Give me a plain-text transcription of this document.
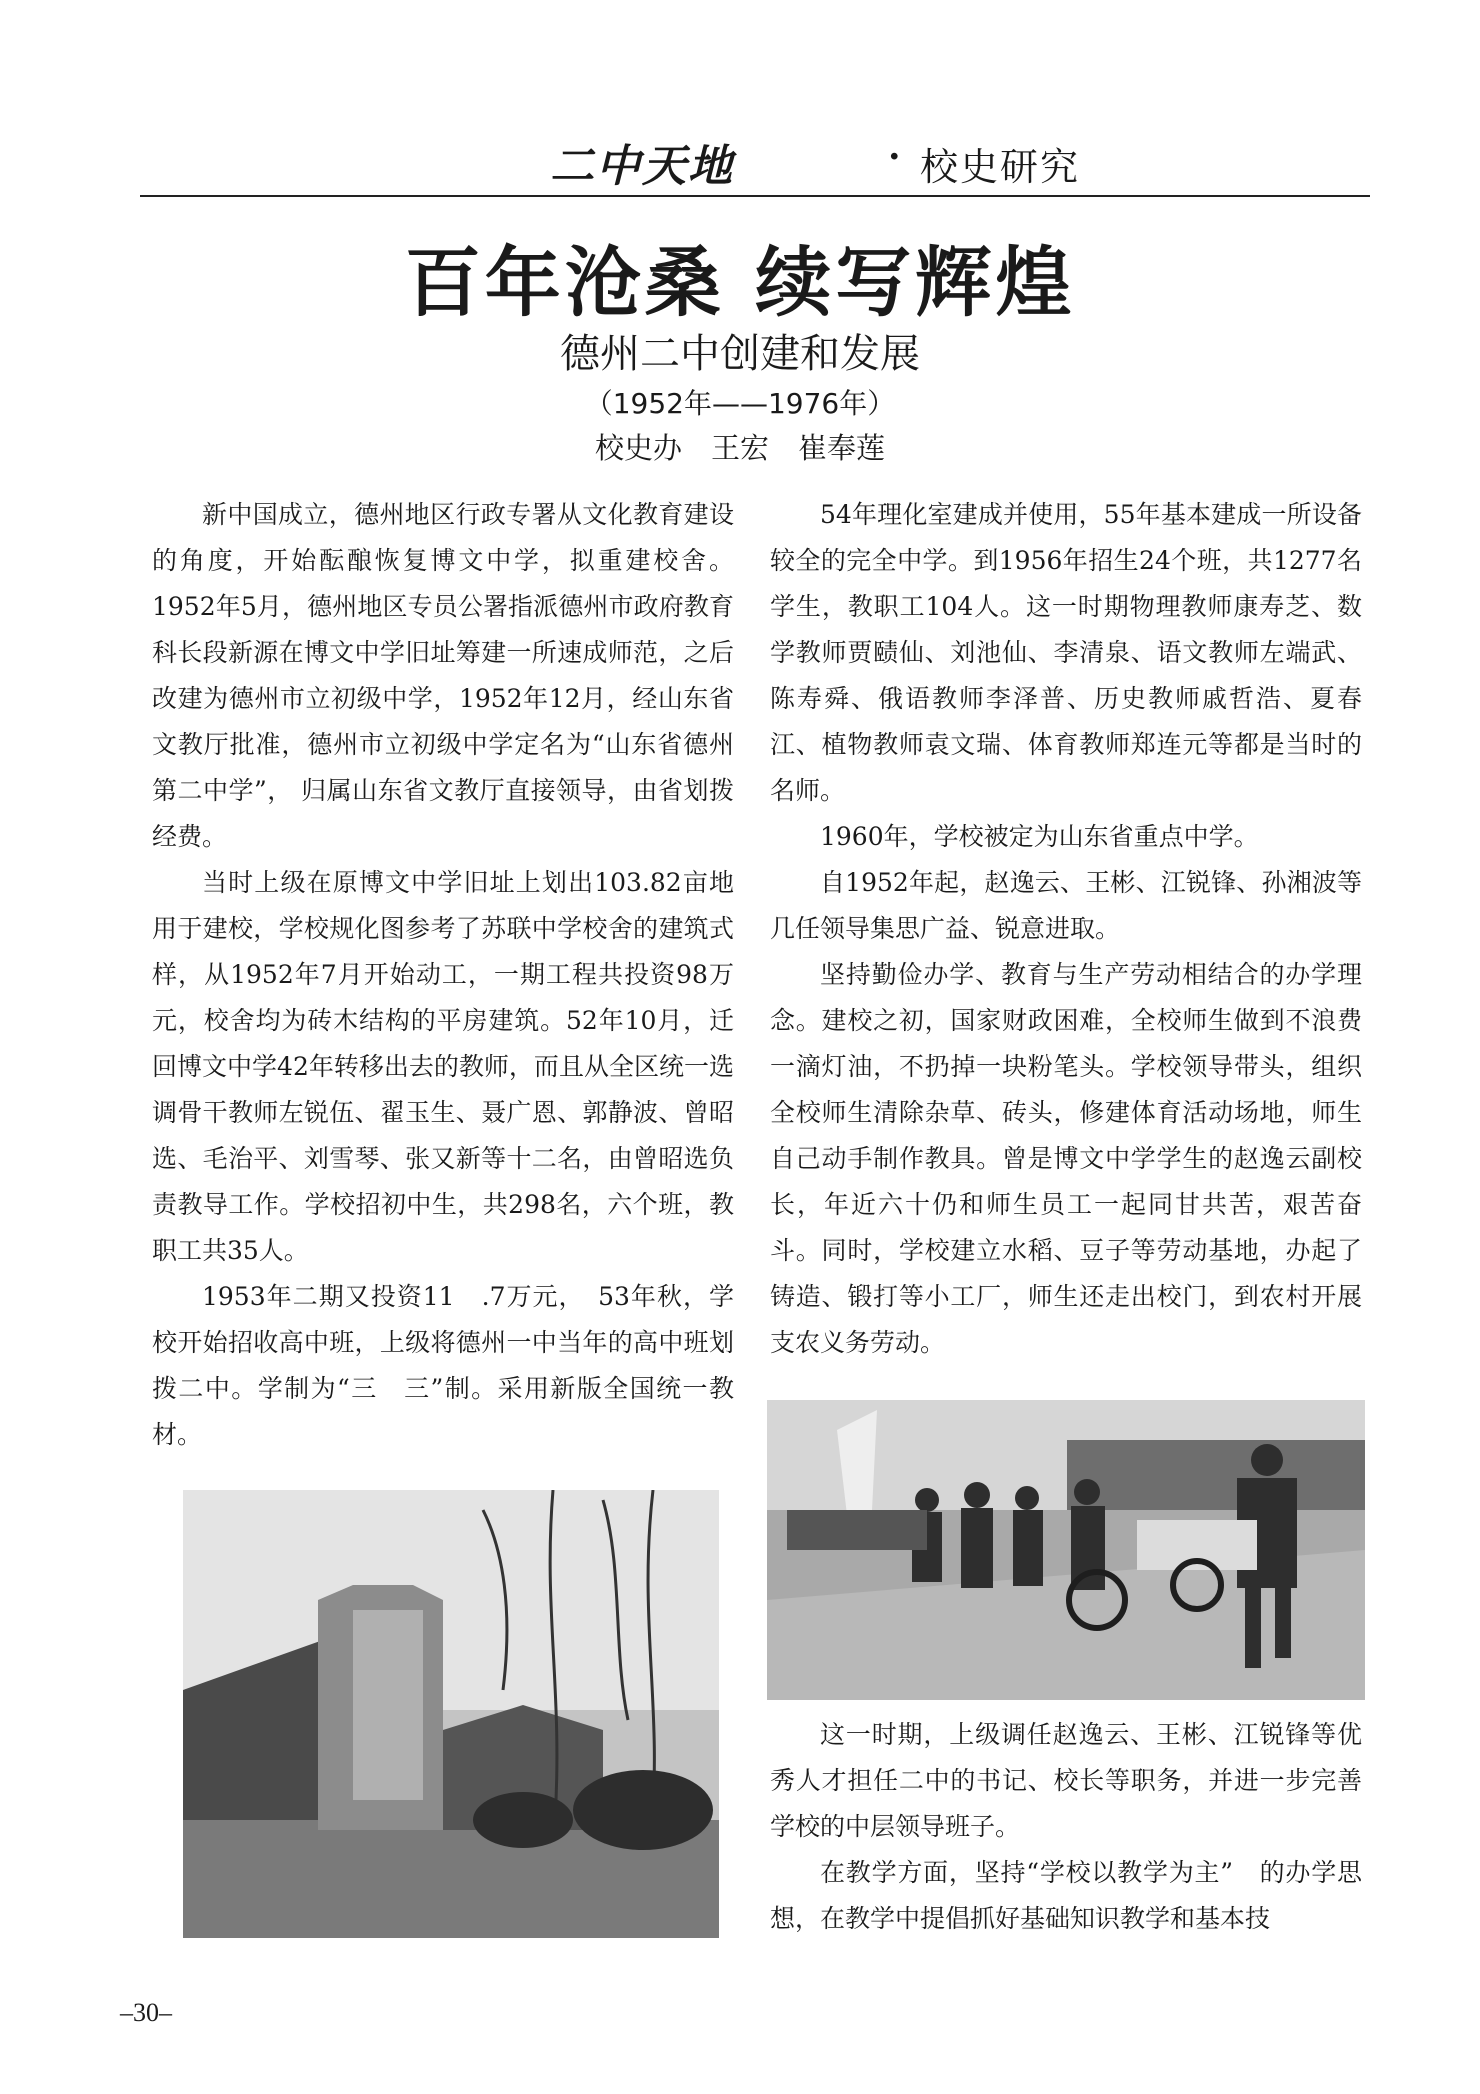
二中天地	· 校史研究
百年沧桑 续写辉煌
德州二中创建和发展
（1952年——1976年）
校史办　王宏　崔奉莲

新中国成立，德州地区行政专署从文化教育建设的角度，开始酝酿恢复博文中学，拟重建校舍。1952年5月，德州地区专员公署指派德州市政府教育科长段新源在博文中学旧址筹建一所速成师范，之后改建为德州市立初级中学，1952年12月，经山东省文教厅批准，德州市立初级中学定名为“山东省德州第二中学”， 归属山东省文教厅直接领导，由省划拨经费。

当时上级在原博文中学旧址上划出103.82亩地用于建校，学校规化图参考了苏联中学校舍的建筑式样，从1952年7月开始动工，一期工程共投资98万元，校舍均为砖木结构的平房建筑。52年10月，迁回博文中学42年转移出去的教师，而且从全区统一选调骨干教师左锐伍、翟玉生、聂广恩、郭静波、曾昭选、毛治平、刘雪琴、张又新等十二名，由曾昭选负责教导工作。学校招初中生，共298名，六个班，教职工共35人。

1953年二期又投资11　.7万元，　53年秋，学校开始招收高中班，上级将德州一中当年的高中班划拨二中。学制为“三　三”制。采用新版全国统一教材。

54年理化室建成并使用，55年基本建成一所设备较全的完全中学。到1956年招生24个班，共1277名学生，教职工104人。这一时期物理教师康寿芝、数学教师贾赜仙、刘池仙、李清泉、语文教师左端武、陈寿舜、俄语教师李泽普、历史教师戚哲浩、夏春江、植物教师袁文瑞、体育教师郑连元等都是当时的名师。

1960年，学校被定为山东省重点中学。

自1952年起，赵逸云、王彬、江锐锋、孙湘波等几任领导集思广益、锐意进取。

坚持勤俭办学、教育与生产劳动相结合的办学理念。建校之初，国家财政困难，全校师生做到不浪费一滴灯油，不扔掉一块粉笔头。学校领导带头，组织全校师生清除杂草、砖头，修建体育活动场地，师生自己动手制作教具。曾是博文中学学生的赵逸云副校长，年近六十仍和师生员工一起同甘共苦，艰苦奋斗。同时，学校建立水稻、豆子等劳动基地，办起了铸造、锻打等小工厂，师生还走出校门，到农村开展支农义务劳动。

这一时期，上级调任赵逸云、王彬、江锐锋等优秀人才担任二中的书记、校长等职务，并进一步完善学校的中层领导班子。

在教学方面，坚持“学校以教学为主”　的办学思想，在教学中提倡抓好基础知识教学和基本技

–30–
